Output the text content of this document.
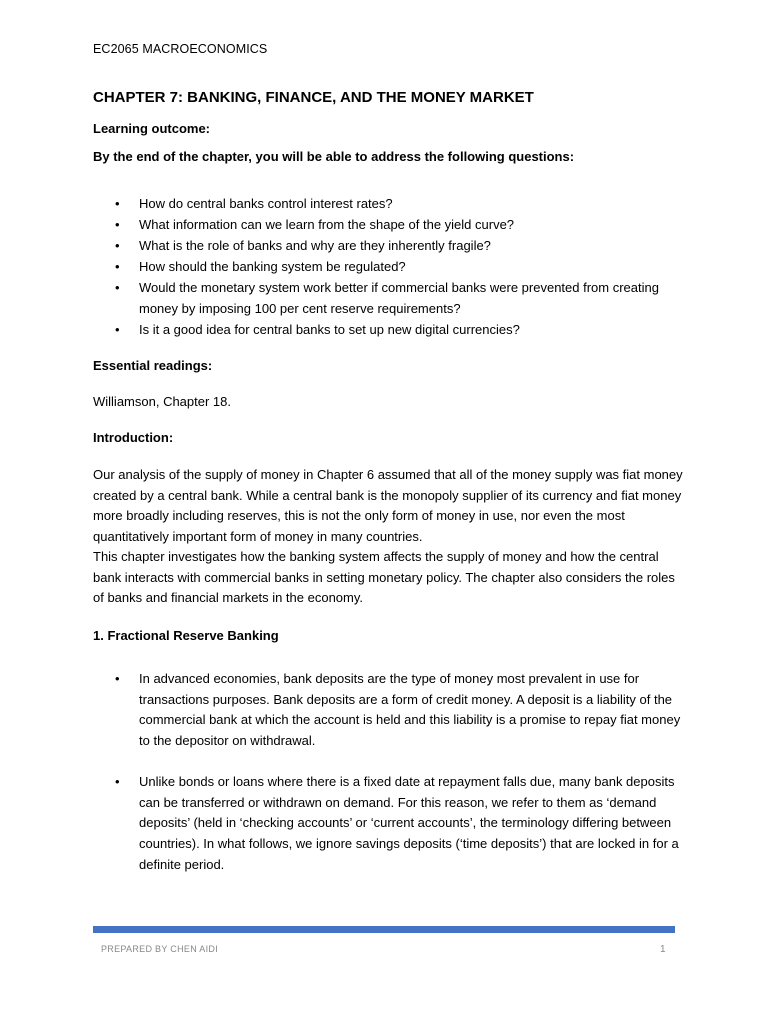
EC2065 MACROECONOMICS
CHAPTER 7: BANKING, FINANCE, AND THE MONEY MARKET
Learning outcome:
By the end of the chapter, you will be able to address the following questions:
• How do central banks control interest rates?
• What information can we learn from the shape of the yield curve?
• What is the role of banks and why are they inherently fragile?
• How should the banking system be regulated?
• Would the monetary system work better if commercial banks were prevented from creating money by imposing 100 per cent reserve requirements?
• Is it a good idea for central banks to set up new digital currencies?
Essential readings:
Williamson, Chapter 18.
Introduction:
Our analysis of the supply of money in Chapter 6 assumed that all of the money supply was fiat money created by a central bank. While a central bank is the monopoly supplier of its currency and fiat money more broadly including reserves, this is not the only form of money in use, nor even the most quantitatively important form of money in many countries.
This chapter investigates how the banking system affects the supply of money and how the central bank interacts with commercial banks in setting monetary policy. The chapter also considers the roles of banks and financial markets in the economy.
1. Fractional Reserve Banking
• In advanced economies, bank deposits are the type of money most prevalent in use for transactions purposes. Bank deposits are a form of credit money. A deposit is a liability of the commercial bank at which the account is held and this liability is a promise to repay fiat money to the depositor on withdrawal.
• Unlike bonds or loans where there is a fixed date at repayment falls due, many bank deposits can be transferred or withdrawn on demand. For this reason, we refer to them as ‘demand deposits’ (held in ‘checking accounts’ or ‘current accounts’, the terminology differing between countries). In what follows, we ignore savings deposits (‘time deposits’) that are locked in for a definite period.
PREPARED BY CHEN AIDI	1
